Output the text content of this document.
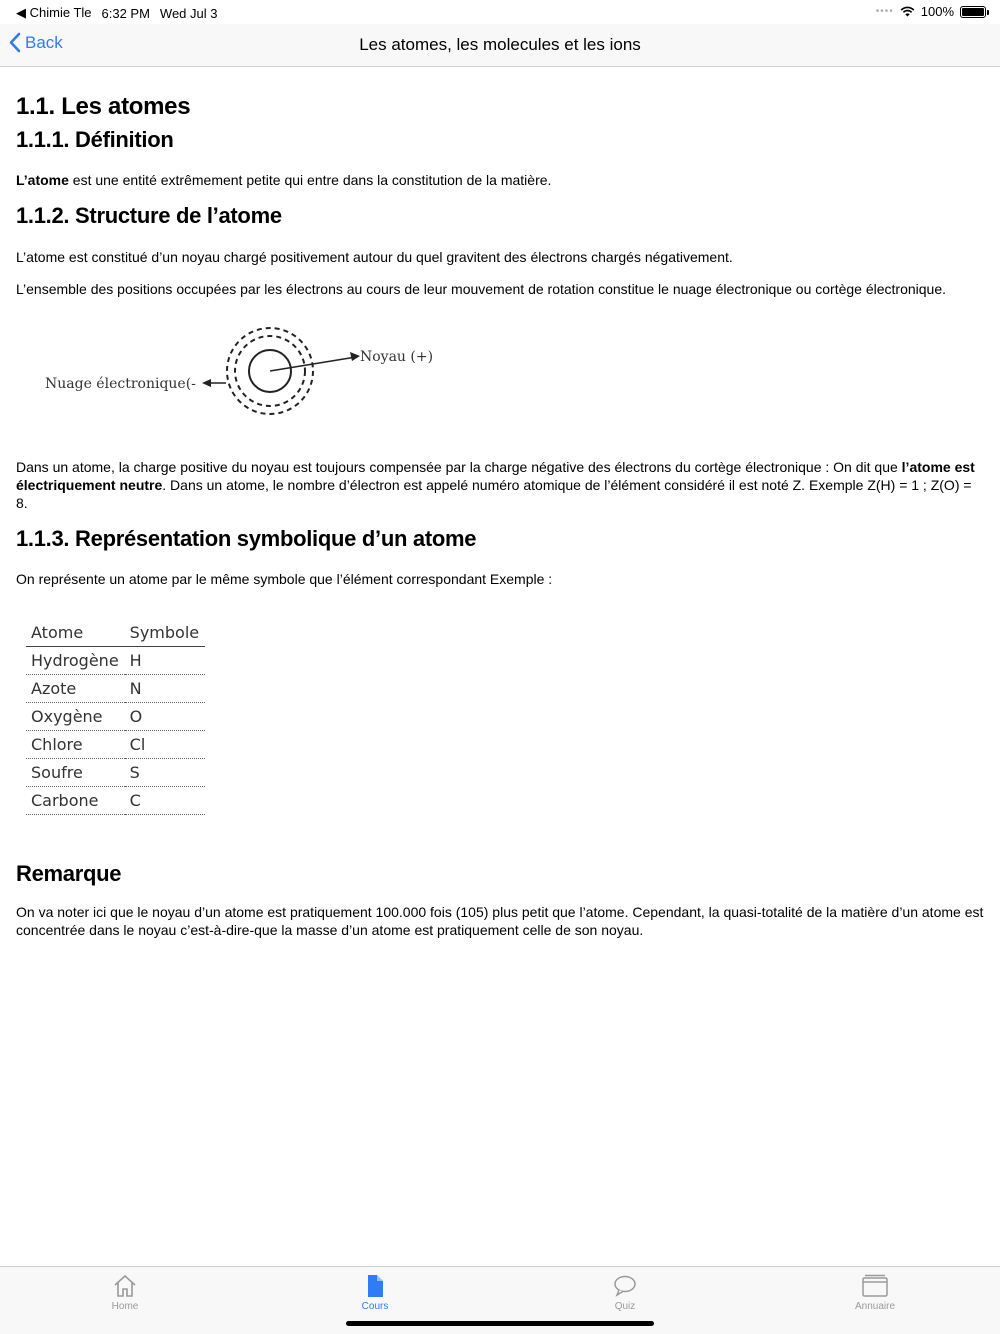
◀ Chimie Tle 6:32 PM Wed Jul 3	•••• 100%
Back	Les atomes, les molecules et les ions
1.1. Les atomes
1.1.1. Définition

L’atome est une entité extrêmement petite qui entre dans la constitution de la matière.

1.1.2. Structure de l’atome

L’atome est constitué d’un noyau chargé positivement autour du quel gravitent des électrons chargés négativement.

L’ensemble des positions occupées par les électrons au cours de leur mouvement de rotation constitue le nuage électronique ou cortège électronique.

Noyau (+)
Nuage électronique(-

Dans un atome, la charge positive du noyau est toujours compensée par la charge négative des électrons du cortège électronique : On dit que l’atome est électriquement neutre. Dans un atome, le nombre d’électron est appelé numéro atomique de l’élément considéré il est noté Z. Exemple Z(H) = 1 ; Z(O) = 8.

1.1.3. Représentation symbolique d’un atome

On représente un atome par le même symbole que l’élément correspondant Exemple :

Atome	Symbole
Hydrogène	H
Azote	N
Oxygène	O
Chlore	Cl
Soufre	S
Carbone	C
Remarque

On va noter ici que le noyau d’un atome est pratiquement 100.000 fois (105) plus petit que l’atome. Cependant, la quasi-totalité de la matière d’un atome est concentrée dans le noyau c’est-à-dire-que la masse d’un atome est pratiquement celle de son noyau.

Home	Cours	Quiz	Annuaire
